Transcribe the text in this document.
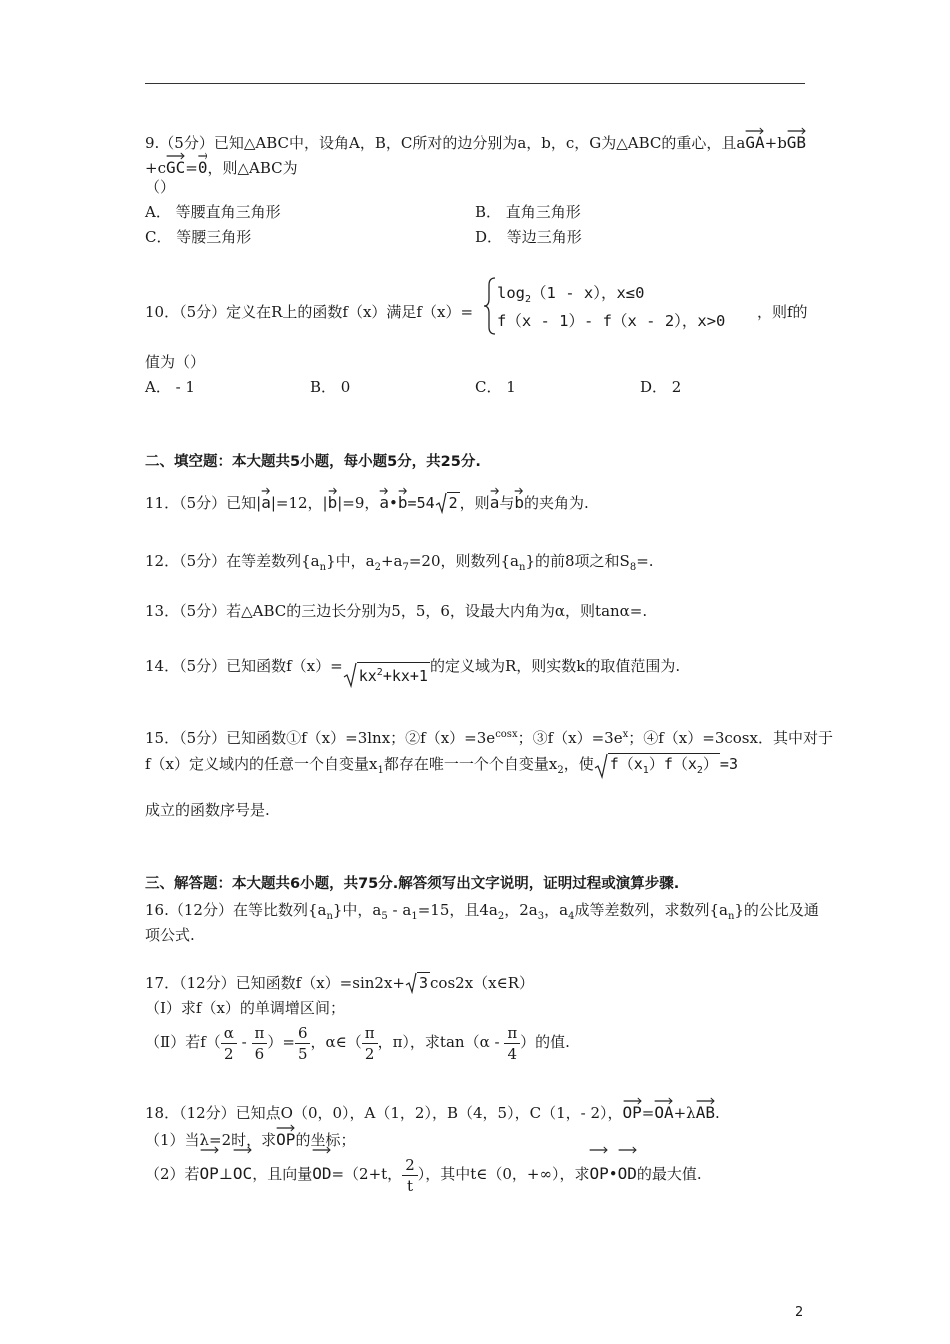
9.（5分）已知△ABC中，设角A，B，C所对的边分别为a，b，c，G为△ABC的重心，且a
GA+b
GB
+c
GC=
0，则△ABC为
（）
A． 等腰直角三角形	B． 直角三角形
C． 等腰三角形	D． 等边三角形
10．（5分）定义在R上的函数f（x）满足f（x）=
$\log_2(1 - x)$，x≤0
f（x - 1）- f（x - 2），x>0 ，则f的
值为（）
A． - 1	B． 0	C． 1	D． 2
二、填空题：本大题共5小题，每小题5分，共25分.
11．（5分）已知|
a|=12，|
b|=9，
a•
b=54 2 ，则
a与
b的夹角为.
12．（5分）在等差数列$\{a_n\}$中，$a_2+a_7=20$，则数列$\{a_n\}$的前8项之和$S_8=$.
13．（5分）若△ABC的三边长分别为5，5，6，设最大内角为α，则tanα=.
14．（5分）已知函数f（x）=
$kx^2+kx+1$的定义域为R，则实数k的取值范围为.
15．（5分）已知函数①f（x）=3lnx；$②f(x)=3e^{cosx}$；$③f(x)=3e^x$；④f（x）=3cosx．其中对于
f（x）定义域内的任意一个自变量$x_1$都存在唯一一个个自变量$x_2$，使 $f(x_1)f(x_2) =3$
成立的函数序号是.
三、解答题：本大题共6小题，共75分.解答须写出文字说明，证明过程或演算步骤.
16.（12分）在等比数列$\{a_n\}$中，$a_5 - a_1=15$，且$4a_2$，$2a_3$，$a_4$成等差数列，求数列$\{a_n\}$的公比及通
项公式.
17．（12分）已知函数f（x）=sin2x+ 3 cos2x（x∈R）
（Ⅰ）求f（x）的单调增区间；
（Ⅱ）若$f( \frac{\alpha}{2} - \frac{\pi}{6}$ ）= $\frac{6}{5}$ ，α∈（ $\frac{\pi}{2}$ ，π），求$\tan(\alpha - \frac{\pi}{4}$ ）的值.
18．（12分）已知点O（0，0），A（1，2），B（4，5），C（1，- 2），
OP=
OA+λ
AB.
（1）当λ=2时，求
OP的坐标；
（2）若
OP⊥
OC，且向量
OD=（2+t， $\frac{2}{t}$ ），其中t∈（0，+∞），求
OP•
OD的最大值.
2
